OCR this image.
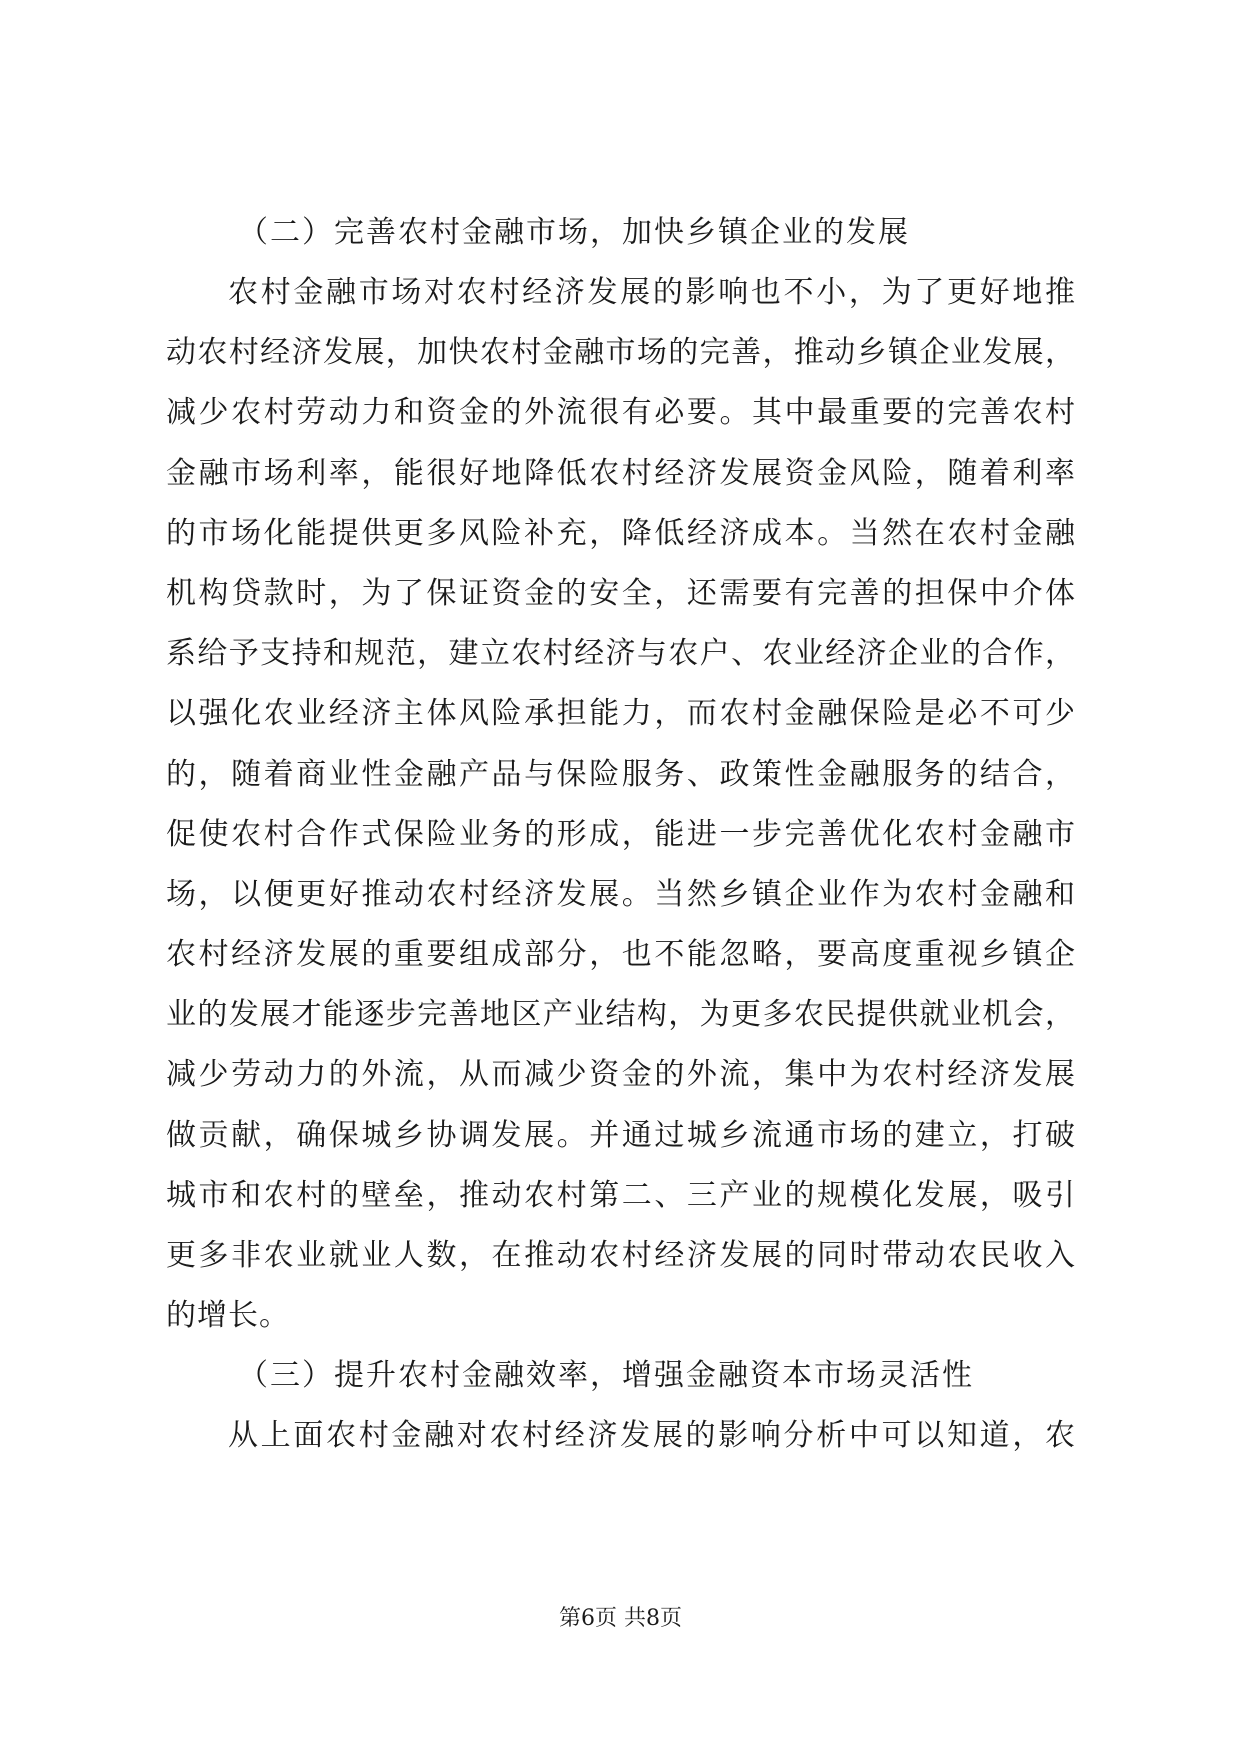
（二）完善农村金融市场，加快乡镇企业的发展

农村金融市场对农村经济发展的影响也不小，为了更好地推
动农村经济发展，加快农村金融市场的完善，推动乡镇企业发展，
减少农村劳动力和资金的外流很有必要。其中最重要的完善农村
金融市场利率，能很好地降低农村经济发展资金风险，随着利率
的市场化能提供更多风险补充，降低经济成本。当然在农村金融
机构贷款时，为了保证资金的安全，还需要有完善的担保中介体
系给予支持和规范，建立农村经济与农户、农业经济企业的合作，
以强化农业经济主体风险承担能力，而农村金融保险是必不可少
的，随着商业性金融产品与保险服务、政策性金融服务的结合，
促使农村合作式保险业务的形成，能进一步完善优化农村金融市
场，以便更好推动农村经济发展。当然乡镇企业作为农村金融和
农村经济发展的重要组成部分，也不能忽略，要高度重视乡镇企
业的发展才能逐步完善地区产业结构，为更多农民提供就业机会，
减少劳动力的外流，从而减少资金的外流，集中为农村经济发展
做贡献，确保城乡协调发展。并通过城乡流通市场的建立，打破
城市和农村的壁垒，推动农村第二、三产业的规模化发展，吸引
更多非农业就业人数，在推动农村经济发展的同时带动农民收入
的增长。

（三）提升农村金融效率，增强金融资本市场灵活性

从上面农村金融对农村经济发展的影响分析中可以知道，农

第6页 共8页
